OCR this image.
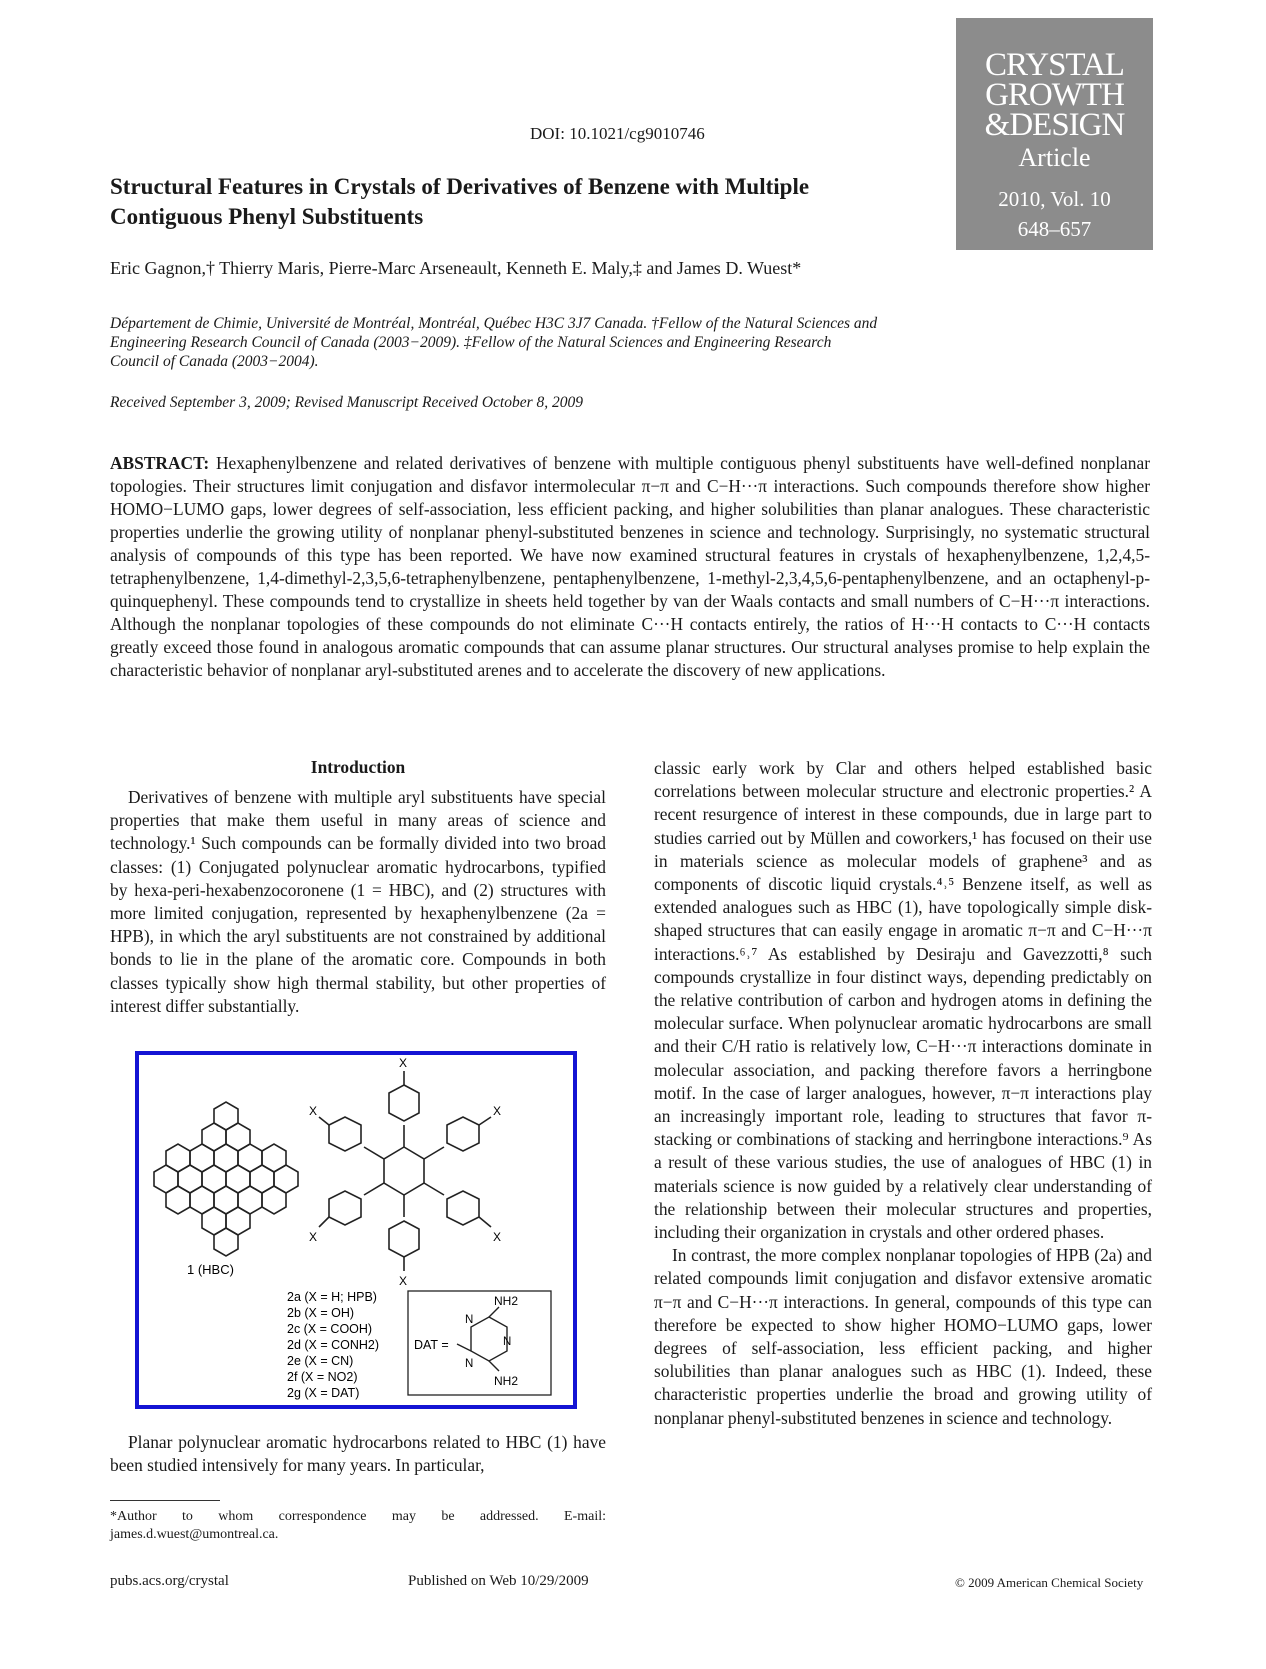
DOI: 10.1021/cg9010746
CRYSTAL
GROWTH
&DESIGN
Article
2010, Vol. 10
648–657
Structural Features in Crystals of Derivatives of Benzene with Multiple Contiguous Phenyl Substituents
Eric Gagnon,† Thierry Maris, Pierre-Marc Arseneault, Kenneth E. Maly,‡ and James D. Wuest*
Département de Chimie, Université de Montréal, Montréal, Québec H3C 3J7 Canada. †Fellow of the Natural Sciences and Engineering Research Council of Canada (2003−2009). ‡Fellow of the Natural Sciences and Engineering Research Council of Canada (2003−2004).
Received September 3, 2009; Revised Manuscript Received October 8, 2009
ABSTRACT: Hexaphenylbenzene and related derivatives of benzene with multiple contiguous phenyl substituents have well-defined nonplanar topologies. Their structures limit conjugation and disfavor intermolecular π−π and C−H···π interactions. Such compounds therefore show higher HOMO−LUMO gaps, lower degrees of self-association, less efficient packing, and higher solubilities than planar analogues. These characteristic properties underlie the growing utility of nonplanar phenyl-substituted benzenes in science and technology. Surprisingly, no systematic structural analysis of compounds of this type has been reported. We have now examined structural features in crystals of hexaphenylbenzene, 1,2,4,5-tetraphenylbenzene, 1,4-dimethyl-2,3,5,6-tetraphenylbenzene, pentaphenylbenzene, 1-methyl-2,3,4,5,6-pentaphenylbenzene, and an octaphenyl-p-quinquephenyl. These compounds tend to crystallize in sheets held together by van der Waals contacts and small numbers of C−H···π interactions. Although the nonplanar topologies of these compounds do not eliminate C···H contacts entirely, the ratios of H···H contacts to C···H contacts greatly exceed those found in analogous aromatic compounds that can assume planar structures. Our structural analyses promise to help explain the characteristic behavior of nonplanar aryl-substituted arenes and to accelerate the discovery of new applications.
Introduction

Derivatives of benzene with multiple aryl substituents have special properties that make them useful in many areas of science and technology.¹ Such compounds can be formally divided into two broad classes: (1) Conjugated polynuclear aromatic hydrocarbons, typified by hexa-peri-hexabenzocoronene (1 = HBC), and (2) structures with more limited conjugation, represented by hexaphenylbenzene (2a = HPB), in which the aryl substituents are not constrained by additional bonds to lie in the plane of the aromatic core. Compounds in both classes typically show high thermal stability, but other properties of interest differ substantially.

1 (HBC)
X
X	X
X	X
X
2a (X = H; HPB)
2b (X = OH)
2c (X = COOH)
2d (X = CONH2)
2e (X = CN)
2f (X = NO2)
2g (X = DAT)
DAT =
NH2
NH2
N
N
N

Planar polynuclear aromatic hydrocarbons related to HBC (1) have been studied intensively for many years. In particular,

*Author to whom correspondence may be addressed. E-mail: james.d.wuest@umontreal.ca.

classic early work by Clar and others helped established basic correlations between molecular structure and electronic properties.² A recent resurgence of interest in these compounds, due in large part to studies carried out by Müllen and coworkers,¹ has focused on their use in materials science as molecular models of graphene³ and as components of discotic liquid crystals.⁴˒⁵ Benzene itself, as well as extended analogues such as HBC (1), have topologically simple disk-shaped structures that can easily engage in aromatic π−π and C−H···π interactions.⁶˒⁷ As established by Desiraju and Gavezzotti,⁸ such compounds crystallize in four distinct ways, depending predictably on the relative contribution of carbon and hydrogen atoms in defining the molecular surface. When polynuclear aromatic hydrocarbons are small and their C/H ratio is relatively low, C−H···π interactions dominate in molecular association, and packing therefore favors a herringbone motif. In the case of larger analogues, however, π−π interactions play an increasingly important role, leading to structures that favor π-stacking or combinations of stacking and herringbone interactions.⁹ As a result of these various studies, the use of analogues of HBC (1) in materials science is now guided by a relatively clear understanding of the relationship between their molecular structures and properties, including their organization in crystals and other ordered phases.

In contrast, the more complex nonplanar topologies of HPB (2a) and related compounds limit conjugation and disfavor extensive aromatic π−π and C−H···π interactions. In general, compounds of this type can therefore be expected to show higher HOMO−LUMO gaps, lower degrees of self-association, less efficient packing, and higher solubilities than planar analogues such as HBC (1). Indeed, these characteristic properties underlie the broad and growing utility of nonplanar phenyl-substituted benzenes in science and technology.

pubs.acs.org/crystal	Published on Web 10/29/2009	© 2009 American Chemical Society
